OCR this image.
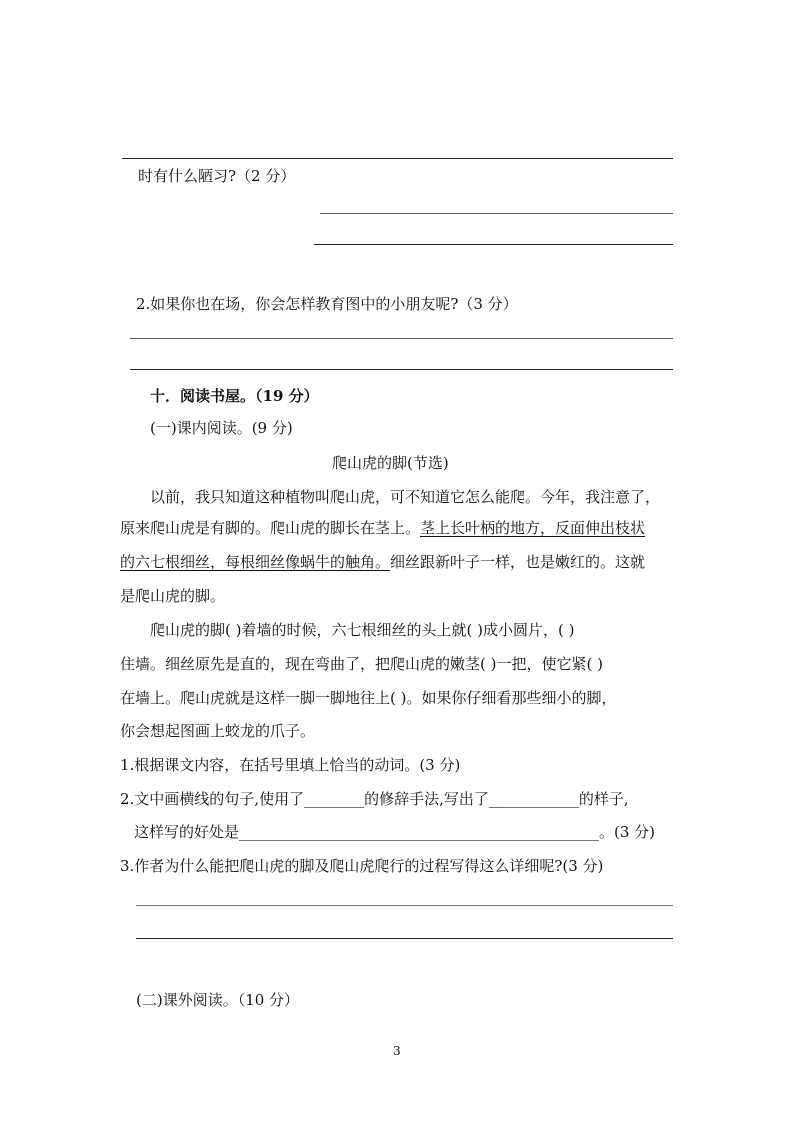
时有什么陋习?（2 分）
2.如果你也在场，你会怎样教育图中的小朋友呢?（3 分）
十．阅读书屋。（19 分）
(一)课内阅读。(9 分)
爬山虎的脚(节选)
以前，我只知道这种植物叫爬山虎，可不知道它怎么能爬。今年，我注意了，
原来爬山虎是有脚的。爬山虎的脚长在茎上。茎上长叶柄的地方，反面伸出枝状
的六七根细丝，每根细丝像蜗牛的触角。细丝跟新叶子一样，也是嫩红的。这就
是爬山虎的脚。
爬山虎的脚( )着墙的时候，六七根细丝的头上就( )成小圆片，( )
住墙。细丝原先是直的，现在弯曲了，把爬山虎的嫩茎( )一把，使它紧( )
在墙上。爬山虎就是这样一脚一脚地往上( )。如果你仔细看那些细小的脚，
你会想起图画上蛟龙的爪子。
1.根据课文内容，在括号里填上恰当的动词。(3 分)
2.文中画横线的句子,使用了________的修辞手法,写出了____________的样子,
这样写的好处是________________________________________________。(3 分)
3.作者为什么能把爬山虎的脚及爬山虎爬行的过程写得这么详细呢?(3 分)
(二)课外阅读。（10 分）
3
